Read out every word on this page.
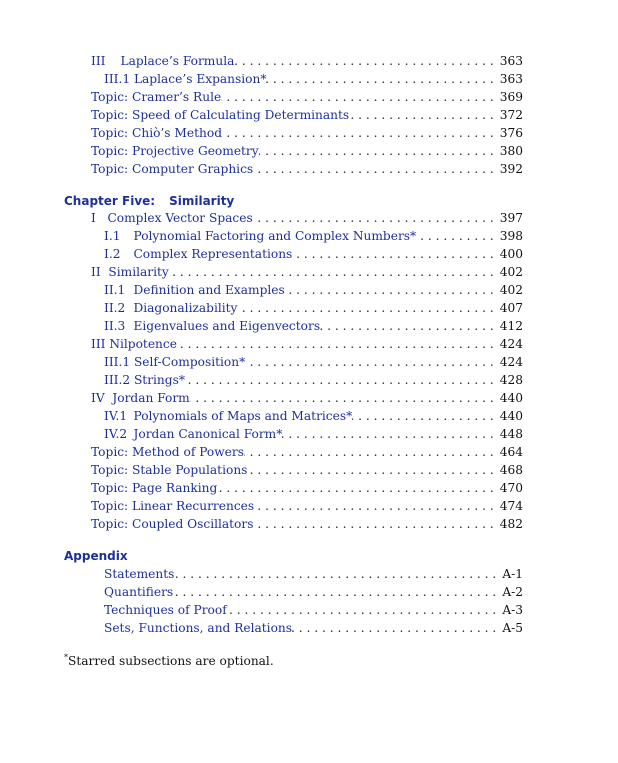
III Laplace’s Formula . . .	363
III.1 Laplace’s Expansion* . . .	363
Topic: Cramer’s Rule . . .	369
Topic: Speed of Calculating Determinants . . .	372
Topic: Chiò’s Method . . .	376
Topic: Projective Geometry . . .	380
Topic: Computer Graphics . . .	392
Chapter Five: Similarity
I Complex Vector Spaces . . .	397
I.1 Polynomial Factoring and Complex Numbers* . . .	398
I.2 Complex Representations . . .	400
II Similarity . . .	402
II.1 Definition and Examples . . .	402
II.2 Diagonalizability . . .	407
II.3 Eigenvalues and Eigenvectors . . .	412
III Nilpotence . . .	424
III.1 Self-Composition* . . .	424
III.2 Strings* . . .	428
IV Jordan Form . . .	440
IV.1 Polynomials of Maps and Matrices* . . .	440
IV.2 Jordan Canonical Form* . . .	448
Topic: Method of Powers . . .	464
Topic: Stable Populations . . .	468
Topic: Page Ranking . . .	470
Topic: Linear Recurrences . . .	474
Topic: Coupled Oscillators . . .	482
Appendix
Statements . . .	A-1
Quantifiers . . .	A-2
Techniques of Proof . . .	A-3
Sets, Functions, and Relations . . .	A-5
*Starred subsections are optional.
